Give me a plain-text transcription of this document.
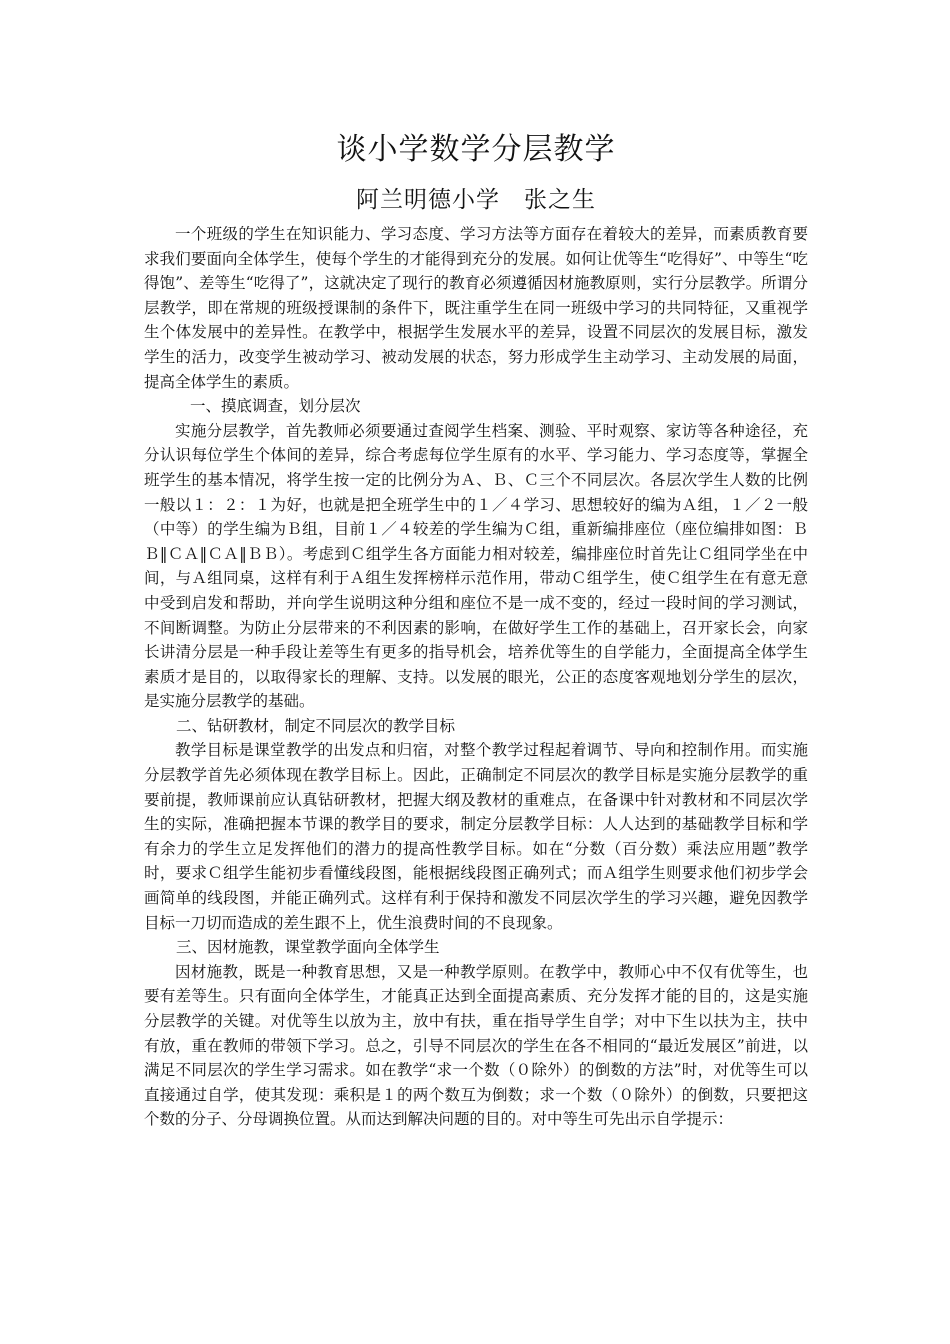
谈小学数学分层教学
阿兰明德小学　张之生

一个班级的学生在知识能力、学习态度、学习方法等方面存在着较大的差异，而素质教育要求我们要面向全体学生，使每个学生的才能得到充分的发展。如何让优等生“吃得好”、中等生“吃得饱”、差等生“吃得了”，这就决定了现行的教育必须遵循因材施教原则，实行分层教学。所谓分层教学，即在常规的班级授课制的条件下，既注重学生在同一班级中学习的共同特征，又重视学生个体发展中的差异性。在教学中，根据学生发展水平的差异，设置不同层次的发展目标，激发学生的活力，改变学生被动学习、被动发展的状态，努力形成学生主动学习、主动发展的局面，提高全体学生的素质。

一、摸底调查，划分层次

实施分层教学，首先教师必须要通过查阅学生档案、测验、平时观察、家访等各种途径，充分认识每位学生个体间的差异，综合考虑每位学生原有的水平、学习能力、学习态度等，掌握全班学生的基本情况，将学生按一定的比例分为Ａ、Ｂ、Ｃ三个不同层次。各层次学生人数的比例一般以１：２：１为好，也就是把全班学生中的１／４学习、思想较好的编为Ａ组，１／２一般（中等）的学生编为Ｂ组，目前１／４较差的学生编为Ｃ组，重新编排座位（座位编排如图：ＢＢ‖ＣＡ‖ＣＡ‖ＢＢ）。考虑到Ｃ组学生各方面能力相对较差，编排座位时首先让Ｃ组同学坐在中间，与Ａ组同桌，这样有利于Ａ组生发挥榜样示范作用，带动Ｃ组学生，使Ｃ组学生在有意无意中受到启发和帮助，并向学生说明这种分组和座位不是一成不变的，经过一段时间的学习测试，不间断调整。为防止分层带来的不利因素的影响，在做好学生工作的基础上，召开家长会，向家长讲清分层是一种手段让差等生有更多的指导机会，培养优等生的自学能力，全面提高全体学生素质才是目的，以取得家长的理解、支持。以发展的眼光，公正的态度客观地划分学生的层次，是实施分层教学的基础。

二、钻研教材，制定不同层次的教学目标

教学目标是课堂教学的出发点和归宿，对整个教学过程起着调节、导向和控制作用。而实施分层教学首先必须体现在教学目标上。因此，正确制定不同层次的教学目标是实施分层教学的重要前提，教师课前应认真钻研教材，把握大纲及教材的重难点，在备课中针对教材和不同层次学生的实际，准确把握本节课的教学目的要求，制定分层教学目标：人人达到的基础教学目标和学有余力的学生立足发挥他们的潜力的提高性教学目标。如在“分数（百分数）乘法应用题”教学时，要求Ｃ组学生能初步看懂线段图，能根据线段图正确列式；而Ａ组学生则要求他们初步学会画简单的线段图，并能正确列式。这样有利于保持和激发不同层次学生的学习兴趣，避免因教学目标一刀切而造成的差生跟不上，优生浪费时间的不良现象。

三、因材施教，课堂教学面向全体学生

因材施教，既是一种教育思想，又是一种教学原则。在教学中，教师心中不仅有优等生，也要有差等生。只有面向全体学生，才能真正达到全面提高素质、充分发挥才能的目的，这是实施分层教学的关键。对优等生以放为主，放中有扶，重在指导学生自学；对中下生以扶为主，扶中有放，重在教师的带领下学习。总之，引导不同层次的学生在各不相同的“最近发展区”前进，以满足不同层次的学生学习需求。如在教学“求一个数（０除外）的倒数的方法”时，对优等生可以直接通过自学，使其发现：乘积是１的两个数互为倒数；求一个数（０除外）的倒数，只要把这个数的分子、分母调换位置。从而达到解决问题的目的。对中等生可先出示自学提示：
